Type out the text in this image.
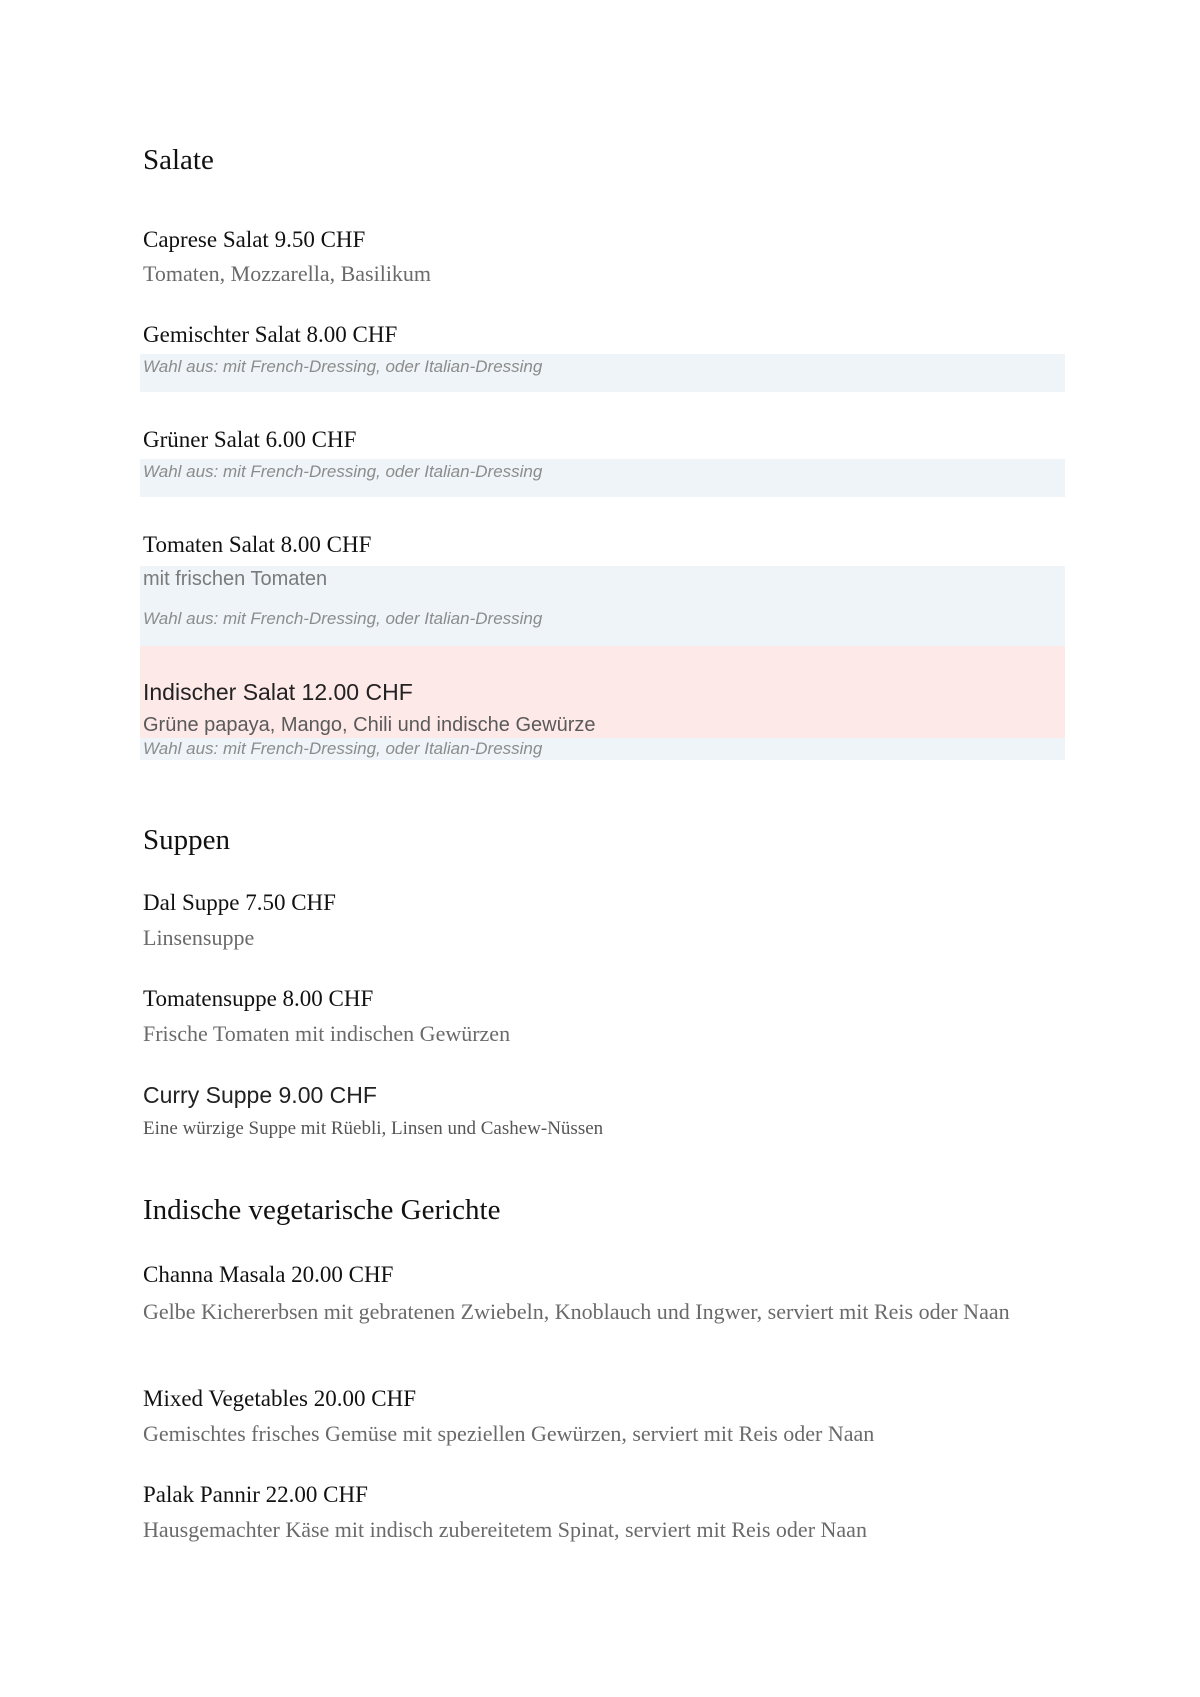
Salate
Caprese Salat 9.50 CHF
Tomaten, Mozzarella, Basilikum
Gemischter Salat 8.00 CHF
Wahl aus: mit French-Dressing, oder Italian-Dressing
Grüner Salat 6.00 CHF
Wahl aus: mit French-Dressing, oder Italian-Dressing
Tomaten Salat 8.00 CHF
mit frischen Tomaten
Wahl aus: mit French-Dressing, oder Italian-Dressing
Indischer Salat 12.00 CHF
Grüne papaya, Mango, Chili und indische Gewürze
Wahl aus: mit French-Dressing, oder Italian-Dressing
Suppen
Dal Suppe 7.50 CHF
Linsensuppe
Tomatensuppe 8.00 CHF
Frische Tomaten mit indischen Gewürzen
Curry Suppe 9.00 CHF
Eine würzige Suppe mit Rüebli, Linsen und Cashew-Nüssen
Indische vegetarische Gerichte
Channa Masala 20.00 CHF
Gelbe Kichererbsen mit gebratenen Zwiebeln, Knoblauch und Ingwer, serviert mit Reis oder Naan
Mixed Vegetables 20.00 CHF
Gemischtes frisches Gemüse mit speziellen Gewürzen, serviert mit Reis oder Naan
Palak Pannir 22.00 CHF
Hausgemachter Käse mit indisch zubereitetem Spinat, serviert mit Reis oder Naan
